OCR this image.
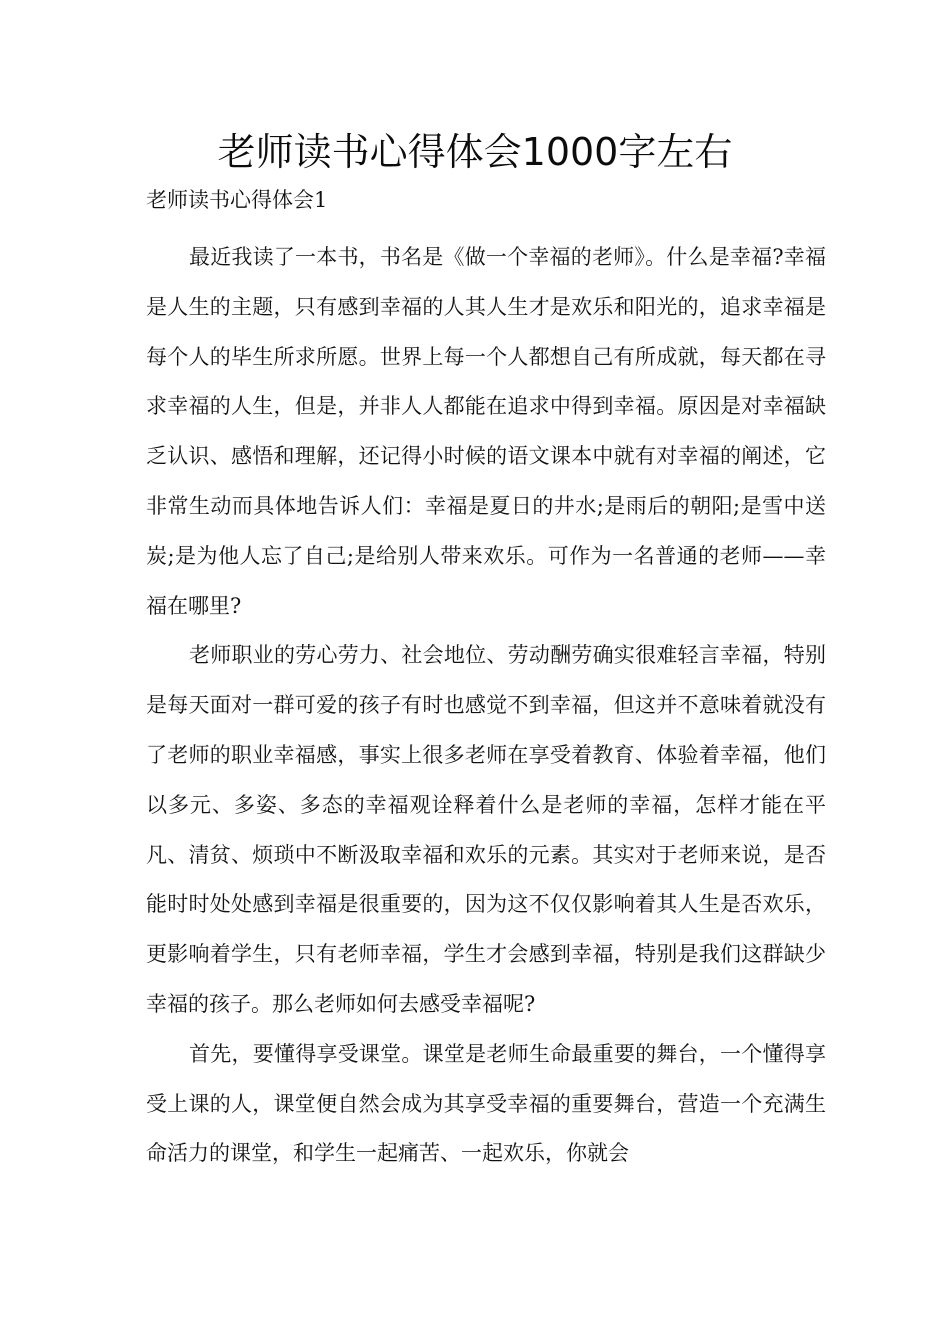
老师读书心得体会1000字左右
老师读书心得体会1

最近我读了一本书，书名是《做一个幸福的老师》。什么是幸福?幸福是人生的主题，只有感到幸福的人其人生才是欢乐和阳光的，追求幸福是每个人的毕生所求所愿。世界上每一个人都想自己有所成就，每天都在寻求幸福的人生，但是，并非人人都能在追求中得到幸福。原因是对幸福缺乏认识、感悟和理解，还记得小时候的语文课本中就有对幸福的阐述，它非常生动而具体地告诉人们：幸福是夏日的井水;是雨后的朝阳;是雪中送炭;是为他人忘了自己;是给别人带来欢乐。可作为一名普通的老师——幸福在哪里?

老师职业的劳心劳力、社会地位、劳动酬劳确实很难轻言幸福，特别是每天面对一群可爱的孩子有时也感觉不到幸福，但这并不意味着就没有了老师的职业幸福感，事实上很多老师在享受着教育、体验着幸福，他们以多元、多姿、多态的幸福观诠释着什么是老师的幸福，怎样才能在平凡、清贫、烦琐中不断汲取幸福和欢乐的元素。其实对于老师来说，是否能时时处处感到幸福是很重要的，因为这不仅仅影响着其人生是否欢乐，更影响着学生，只有老师幸福，学生才会感到幸福，特别是我们这群缺少幸福的孩子。那么老师如何去感受幸福呢?

首先，要懂得享受课堂。课堂是老师生命最重要的舞台，一个懂得享受上课的人，课堂便自然会成为其享受幸福的重要舞台，营造一个充满生命活力的课堂，和学生一起痛苦、一起欢乐，你就会
